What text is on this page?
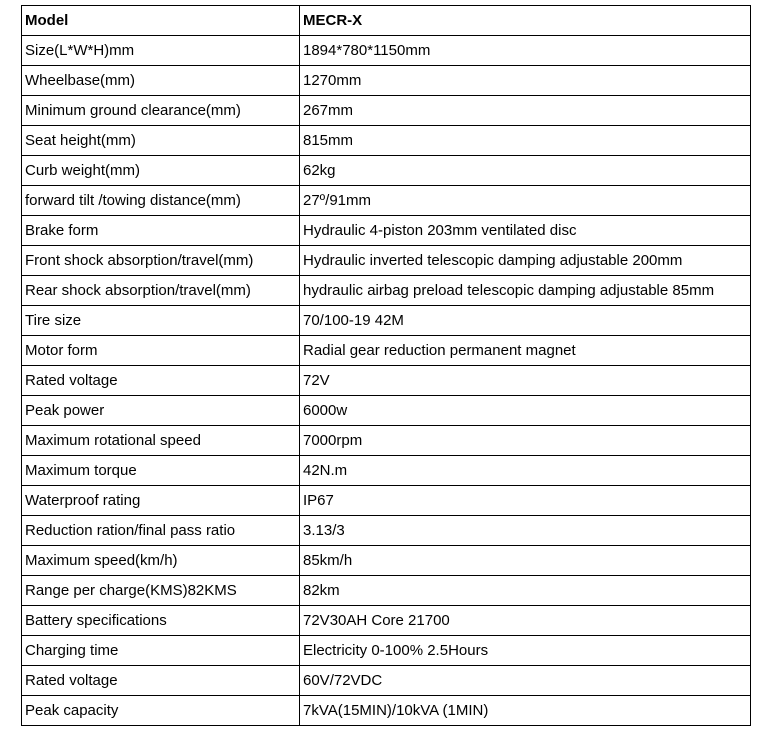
Model	MECR-X
Size(L*W*H)mm	1894*780*1150mm
Wheelbase(mm)	1270mm
Minimum ground clearance(mm)	267mm
Seat height(mm)	815mm
Curb weight(mm)	62kg
forward tilt /towing distance(mm)	27º/91mm
Brake form	Hydraulic 4-piston 203mm ventilated disc
Front shock absorption/travel(mm)	Hydraulic inverted telescopic damping adjustable 200mm
Rear shock absorption/travel(mm)	hydraulic airbag preload telescopic damping adjustable 85mm
Tire size	70/100-19 42M
Motor form	Radial gear reduction permanent magnet
Rated voltage	72V
Peak power	6000w
Maximum rotational speed	7000rpm
Maximum torque	42N.m
Waterproof rating	IP67
Reduction ration/final pass ratio	3.13/3
Maximum speed(km/h)	85km/h
Range per charge(KMS)82KMS	82km
Battery specifications	72V30AH Core 21700
Charging time	Electricity 0-100% 2.5Hours
Rated voltage	60V/72VDC
Peak capacity	7kVA(15MIN)/10kVA (1MIN)
